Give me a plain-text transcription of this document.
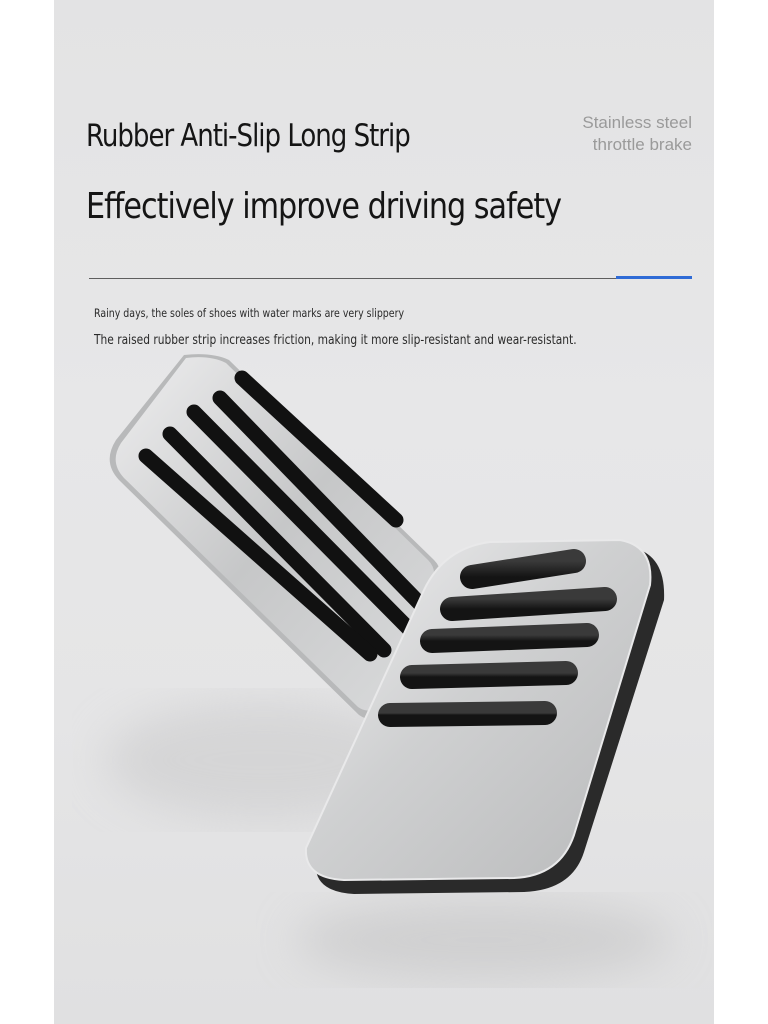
Rubber Anti-Slip Long Strip	Stainless steel
throttle brake
Effectively improve driving safety

Rainy days, the soles of shoes with water marks are very slippery

The raised rubber strip increases friction, making it more slip-resistant and wear-resistant.
